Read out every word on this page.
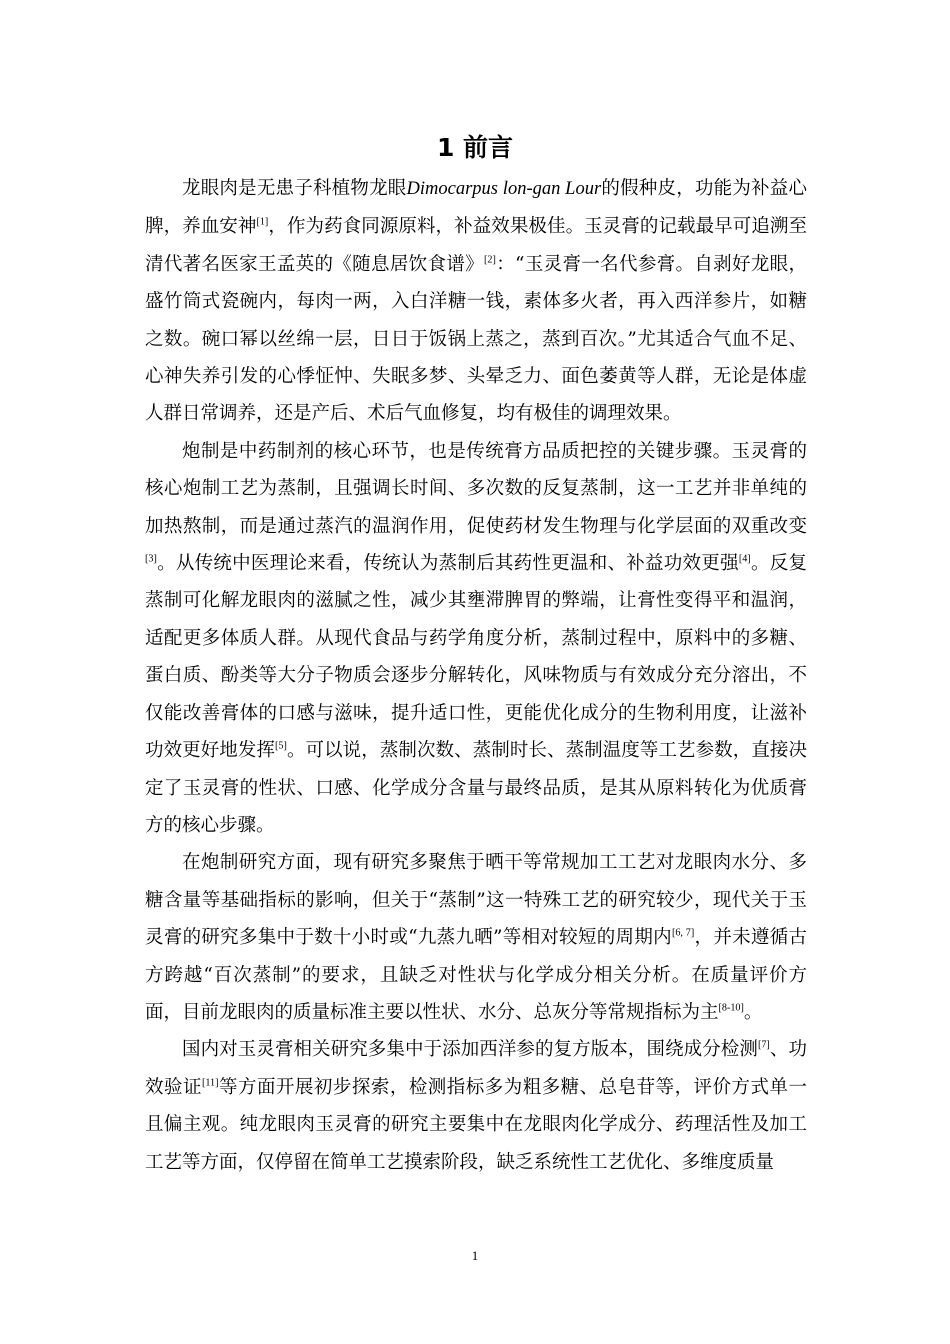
1 前言

龙眼肉是无患子科植物龙眼Dimocarpus lon-gan Lour的假种皮，功能为补益心脾，养血安神[1]，作为药食同源原料，补益效果极佳。玉灵膏的记载最早可追溯至清代著名医家王孟英的《随息居饮食谱》[2]：“玉灵膏一名代参膏。自剥好龙眼，盛竹筒式瓷碗内，每肉一两，入白洋糖一钱，素体多火者，再入西洋参片，如糖之数。碗口幂以丝绵一层，日日于饭锅上蒸之，蒸到百次。”尤其适合气血不足、心神失养引发的心悸怔忡、失眠多梦、头晕乏力、面色萎黄等人群，无论是体虚人群日常调养，还是产后、术后气血修复，均有极佳的调理效果。

炮制是中药制剂的核心环节，也是传统膏方品质把控的关键步骤。玉灵膏的核心炮制工艺为蒸制，且强调长时间、多次数的反复蒸制，这一工艺并非单纯的加热熬制，而是通过蒸汽的温润作用，促使药材发生物理与化学层面的双重改变[3]。从传统中医理论来看，传统认为蒸制后其药性更温和、补益功效更强[4]。反复蒸制可化解龙眼肉的滋腻之性，减少其壅滞脾胃的弊端，让膏性变得平和温润，适配更多体质人群。从现代食品与药学角度分析，蒸制过程中，原料中的多糖、蛋白质、酚类等大分子物质会逐步分解转化，风味物质与有效成分充分溶出，不仅能改善膏体的口感与滋味，提升适口性，更能优化成分的生物利用度，让滋补功效更好地发挥[5]。可以说，蒸制次数、蒸制时长、蒸制温度等工艺参数，直接决定了玉灵膏的性状、口感、化学成分含量与最终品质，是其从原料转化为优质膏方的核心步骤。

在炮制研究方面，现有研究多聚焦于晒干等常规加工工艺对龙眼肉水分、多糖含量等基础指标的影响，但关于“蒸制”这一特殊工艺的研究较少，现代关于玉灵膏的研究多集中于数十小时或“九蒸九晒”等相对较短的周期内[6, 7]，并未遵循古方跨越“百次蒸制”的要求，且缺乏对性状与化学成分相关分析。在质量评价方面，目前龙眼肉的质量标准主要以性状、水分、总灰分等常规指标为主[8-10]。

国内对玉灵膏相关研究多集中于添加西洋参的复方版本，围绕成分检测[7]、功效验证[11]等方面开展初步探索，检测指标多为粗多糖、总皂苷等，评价方式单一且偏主观。纯龙眼肉玉灵膏的研究主要集中在龙眼肉化学成分、药理活性及加工工艺等方面，仅停留在简单工艺摸索阶段，缺乏系统性工艺优化、多维度质量

1
